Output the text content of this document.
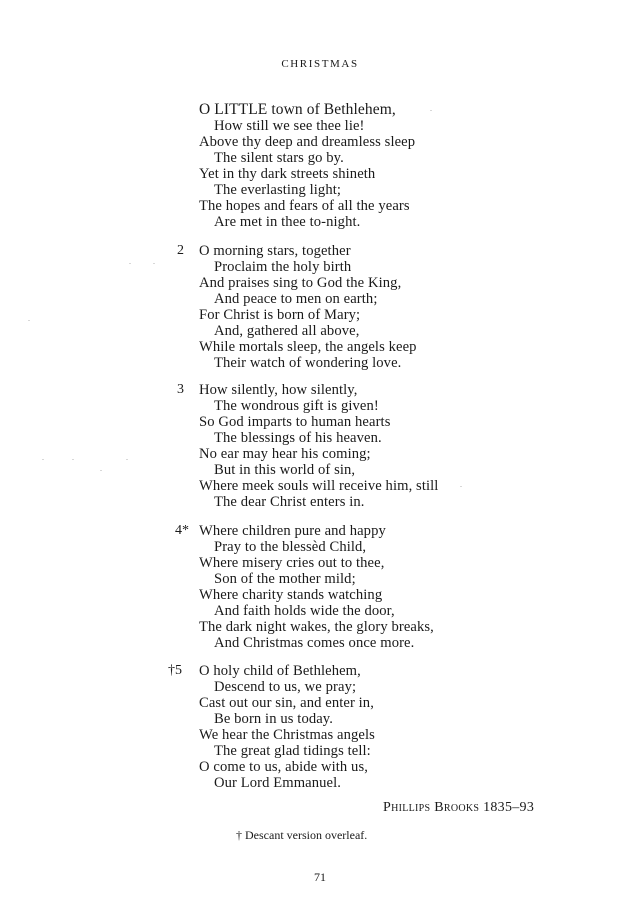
CHRISTMAS
O LITTLE town of Bethlehem,
How still we see thee lie!
Above thy deep and dreamless sleep
The silent stars go by.
Yet in thy dark streets shineth
The everlasting light;
The hopes and fears of all the years
Are met in thee to-night.
2 O morning stars, together
Proclaim the holy birth
And praises sing to God the King,
And peace to men on earth;
For Christ is born of Mary;
And, gathered all above,
While mortals sleep, the angels keep
Their watch of wondering love.
3 How silently, how silently,
The wondrous gift is given!
So God imparts to human hearts
The blessings of his heaven.
No ear may hear his coming;
But in this world of sin,
Where meek souls will receive him, still
The dear Christ enters in.
4* Where children pure and happy
Pray to the blessèd Child,
Where misery cries out to thee,
Son of the mother mild;
Where charity stands watching
And faith holds wide the door,
The dark night wakes, the glory breaks,
And Christmas comes once more.
†5 O holy child of Bethlehem,
Descend to us, we pray;
Cast out our sin, and enter in,
Be born in us today.
We hear the Christmas angels
The great glad tidings tell:
O come to us, abide with us,
Our Lord Emmanuel.
Phillips Brooks 1835–93
† Descant version overleaf.
71
